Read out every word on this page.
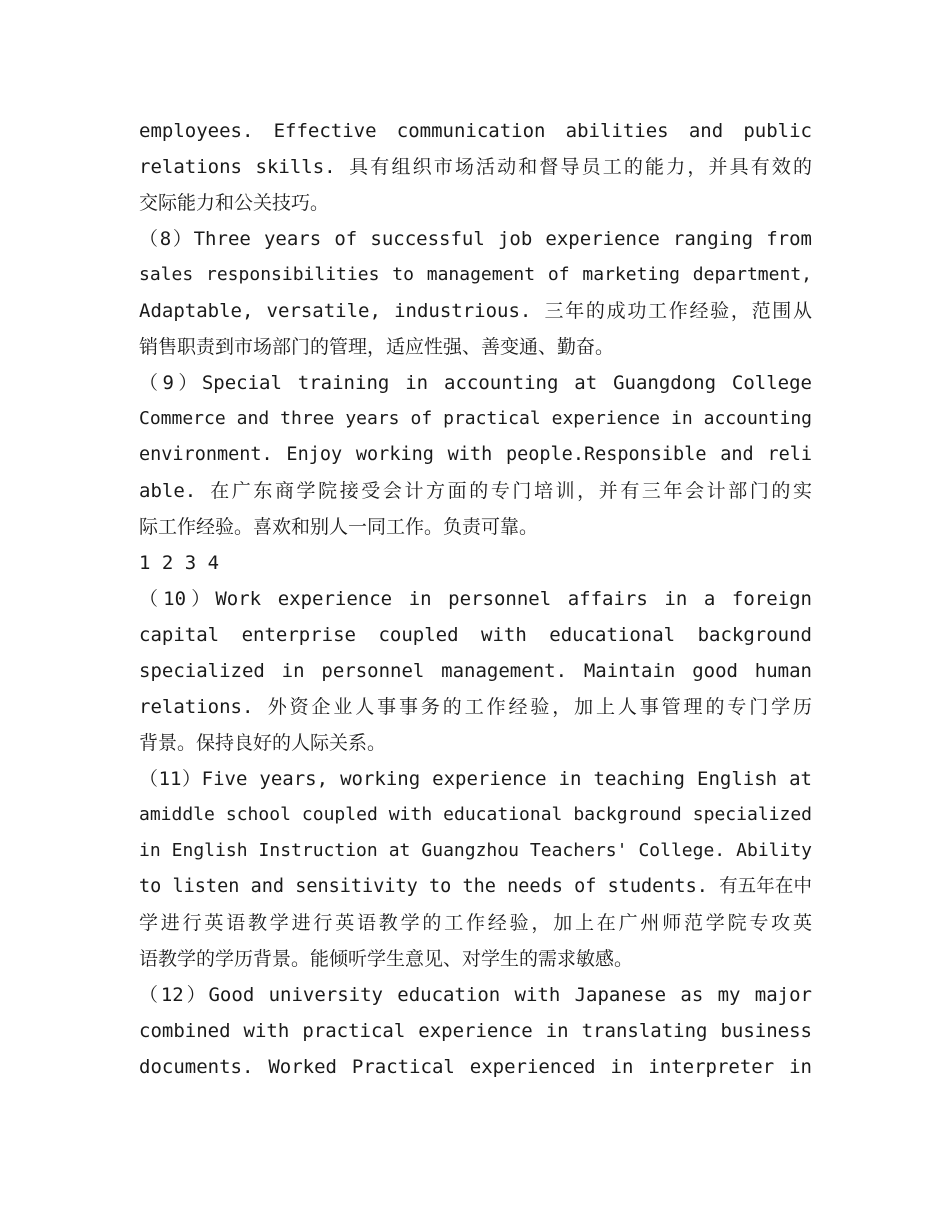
employees. Effective communication abilities and public
relations skills. 具有组织市场活动和督导员工的能力，并具有效的
交际能力和公关技巧。
（8）Three years of successful job experience ranging from
sales responsibilities to management of marketing department,
Adaptable, versatile, industrious. 三年的成功工作经验，范围从
销售职责到市场部门的管理，适应性强、善变通、勤奋。
（9）Special training in accounting at Guangdong College
Commerce and three years of practical experience in accounting
environment. Enjoy working with people.Responsible and reli
able. 在广东商学院接受会计方面的专门培训，并有三年会计部门的实
际工作经验。喜欢和别人一同工作。负责可靠。
1 2 3 4
（10）Work experience in personnel affairs in a foreign
capital enterprise coupled with educational background
specialized in personnel management. Maintain good human
relations. 外资企业人事事务的工作经验，加上人事管理的专门学历
背景。保持良好的人际关系。
（11）Five years, working experience in teaching English at
amiddle school coupled with educational background specialized
in English Instruction at Guangzhou Teachers' College. Ability
to listen and sensitivity to the needs of students. 有五年在中
学进行英语教学进行英语教学的工作经验，加上在广州师范学院专攻英
语教学的学历背景。能倾听学生意见、对学生的需求敏感。
（12）Good university education with Japanese as my major
combined with practical experience in translating business
documents. Worked Practical experienced in interpreter in
